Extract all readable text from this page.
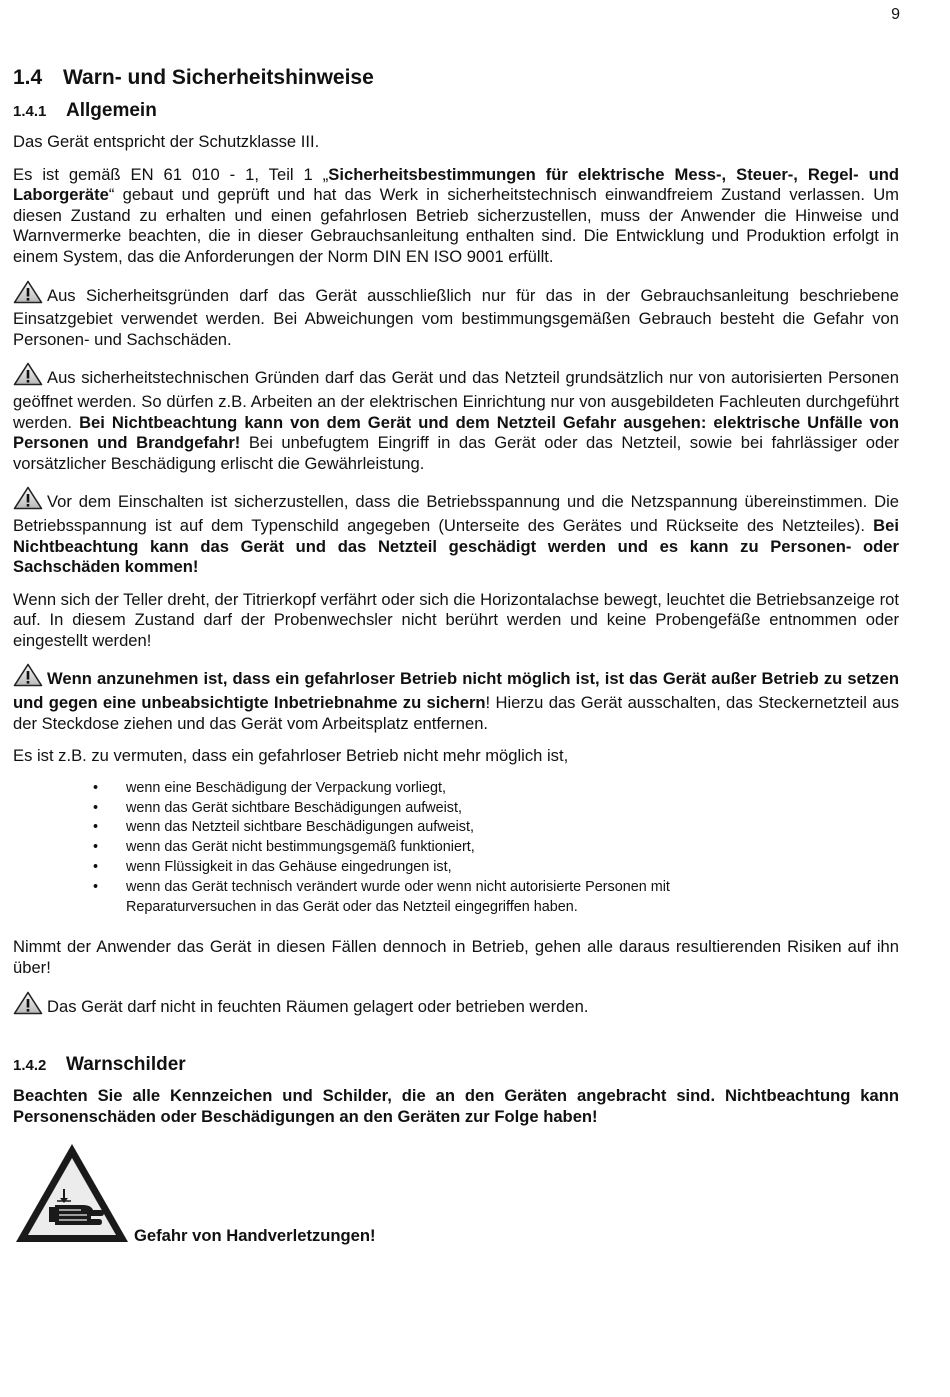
9
1.4 Warn- und Sicherheitshinweise
1.4.1 Allgemein

Das Gerät entspricht der Schutzklasse III.

Es ist gemäß EN 61 010 - 1, Teil 1 „Sicherheitsbestimmungen für elektrische Mess-, Steuer-, Regel- und Laborgeräte“ gebaut und geprüft und hat das Werk in sicherheitstechnisch einwandfreiem Zustand verlassen. Um diesen Zustand zu erhalten und einen gefahrlosen Betrieb sicherzustellen, muss der Anwender die Hinweise und Warnvermerke beachten, die in dieser Gebrauchsanleitung enthalten sind. Die Entwicklung und Produktion erfolgt in einem System, das die Anforderungen der Norm DIN EN ISO 9001 erfüllt.

Aus Sicherheitsgründen darf das Gerät ausschließlich nur für das in der Gebrauchsanleitung beschriebene Einsatzgebiet verwendet werden. Bei Abweichungen vom bestimmungsgemäßen Gebrauch besteht die Gefahr von Personen- und Sachschäden.

Aus sicherheitstechnischen Gründen darf das Gerät und das Netzteil grundsätzlich nur von autorisierten Personen geöffnet werden. So dürfen z.B. Arbeiten an der elektrischen Einrichtung nur von ausgebildeten Fachleuten durchgeführt werden. Bei Nichtbeachtung kann von dem Gerät und dem Netzteil Gefahr ausgehen: elektrische Unfälle von Personen und Brandgefahr! Bei unbefugtem Eingriff in das Gerät oder das Netzteil, sowie bei fahrlässiger oder vorsätzlicher Beschädigung erlischt die Gewährleistung.

Vor dem Einschalten ist sicherzustellen, dass die Betriebsspannung und die Netzspannung übereinstimmen. Die Betriebsspannung ist auf dem Typenschild angegeben (Unterseite des Gerätes und Rückseite des Netzteiles). Bei Nichtbeachtung kann das Gerät und das Netzteil geschädigt werden und es kann zu Personen- oder Sachschäden kommen!

Wenn sich der Teller dreht, der Titrierkopf verfährt oder sich die Horizontalachse bewegt, leuchtet die Betriebsanzeige rot auf. In diesem Zustand darf der Probenwechsler nicht berührt werden und keine Probengefäße entnommen oder eingestellt werden!

Wenn anzunehmen ist, dass ein gefahrloser Betrieb nicht möglich ist, ist das Gerät außer Betrieb zu setzen und gegen eine unbeabsichtigte Inbetriebnahme zu sichern! Hierzu das Gerät ausschalten, das Steckernetzteil aus der Steckdose ziehen und das Gerät vom Arbeitsplatz entfernen.

Es ist z.B. zu vermuten, dass ein gefahrloser Betrieb nicht mehr möglich ist,

• wenn eine Beschädigung der Verpackung vorliegt,
• wenn das Gerät sichtbare Beschädigungen aufweist,
• wenn das Netzteil sichtbare Beschädigungen aufweist,
• wenn das Gerät nicht bestimmungsgemäß funktioniert,
• wenn Flüssigkeit in das Gehäuse eingedrungen ist,
• wenn das Gerät technisch verändert wurde oder wenn nicht autorisierte Personen mit Reparaturversuchen in das Gerät oder das Netzteil eingegriffen haben.

Nimmt der Anwender das Gerät in diesen Fällen dennoch in Betrieb, gehen alle daraus resultierenden Risiken auf ihn über!

Das Gerät darf nicht in feuchten Räumen gelagert oder betrieben werden.

1.4.2 Warnschilder

Beachten Sie alle Kennzeichen und Schilder, die an den Geräten angebracht sind. Nichtbeachtung kann Personenschäden oder Beschädigungen an den Geräten zur Folge haben!

Gefahr von Handverletzungen!
